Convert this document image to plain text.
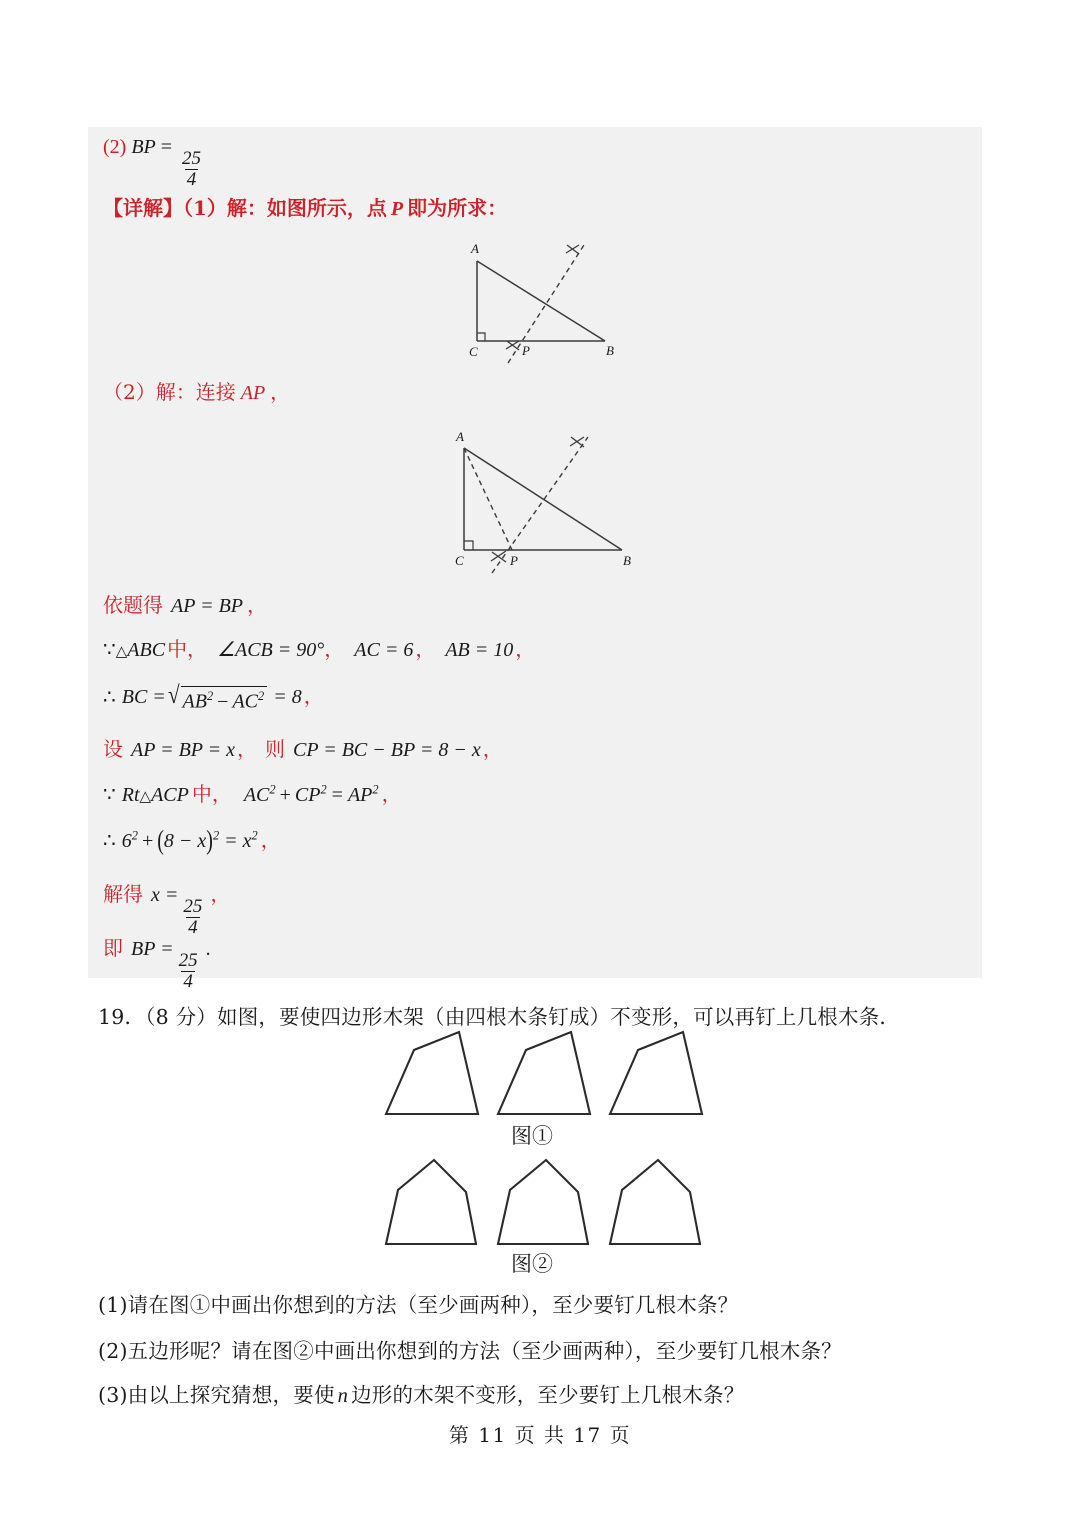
(2) BP =
$\frac{25}{4}$
【详解】（1）解：如图所示，点 P 即为所求：
A
C	B
P
（2）解：连接 AP ，
A
C	B
P
依题得 AP = BP ，
∵△ABC 中， ∠ACB = 90°， AC = 6 ， AB = 10 ，
∴ BC = √ $AB^2 - AC^2 = 8$ ，
设 AP = BP = x ， 则 CP = BC − BP = 8 − x ，
∵ Rt△ACP 中， $AC^2 + CP^2 = AP^2$ ，
∴ $6^2 + (8 - x)^2 = x^2$ ，
解得 x =
$\frac{25}{4}$
，
即 BP =
$\frac{25}{4}$
.
19．（8 分）如图，要使四边形木架（由四根木条钉成）不变形，可以再钉上几根木条．
图①
图②
(1)请在图①中画出你想到的方法（至少画两种），至少要钉几根木条？
(2)五边形呢？请在图②中画出你想到的方法（至少画两种），至少要钉几根木条？
(3)由以上探究猜想，要使 n 边形的木架不变形，至少要钉上几根木条？
第 11 页 共 17 页
